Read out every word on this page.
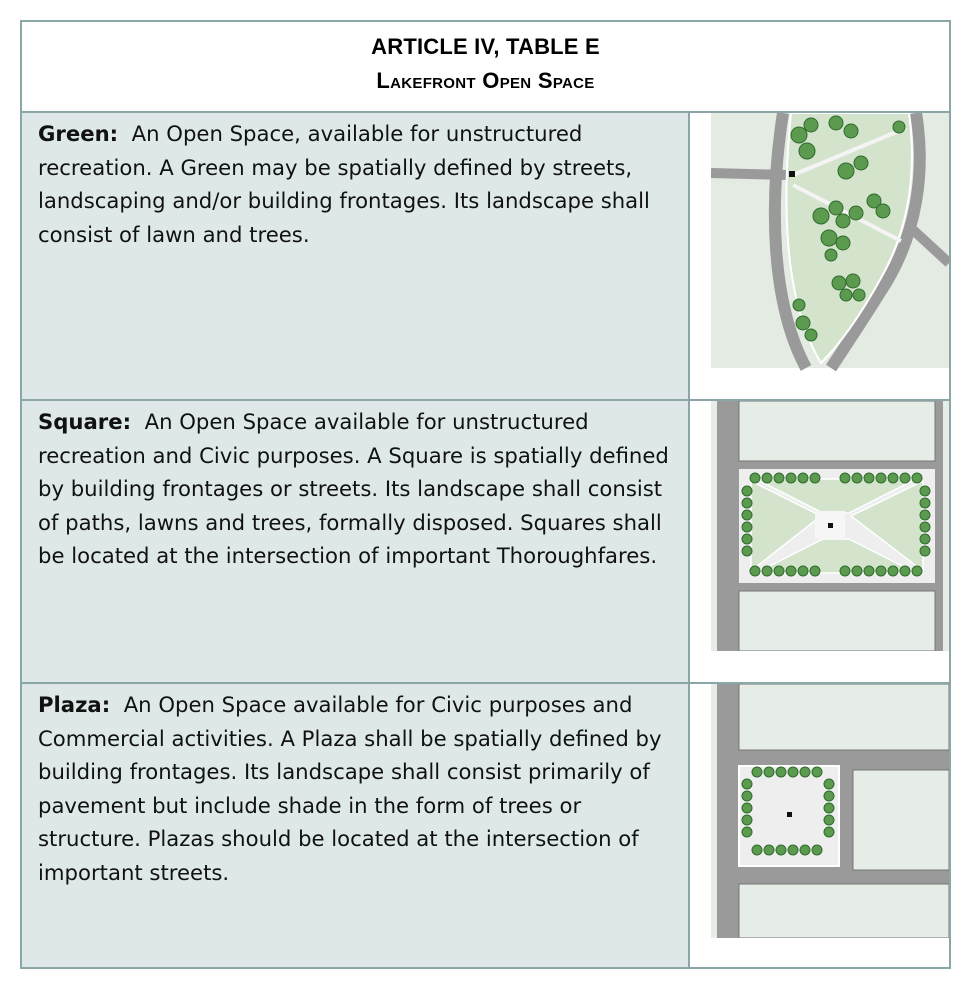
ARTICLE IV, TABLE E
Lakefront Open Space
Green: An Open Space, available for unstructured recreation. A Green may be spatially defined by streets, landscaping and/or building frontages. Its landscape shall consist of lawn and trees.
Square: An Open Space available for unstructured recreation and Civic purposes. A Square is spatially defined by building frontages or streets. Its landscape shall consist of paths, lawns and trees, formally disposed. Squares shall be located at the intersection of important Thoroughfares.
Plaza: An Open Space available for Civic purposes and Commercial activities. A Plaza shall be spatially defined by building frontages. Its landscape shall consist primarily of pavement but include shade in the form of trees or structure. Plazas should be located at the intersection of important streets.
